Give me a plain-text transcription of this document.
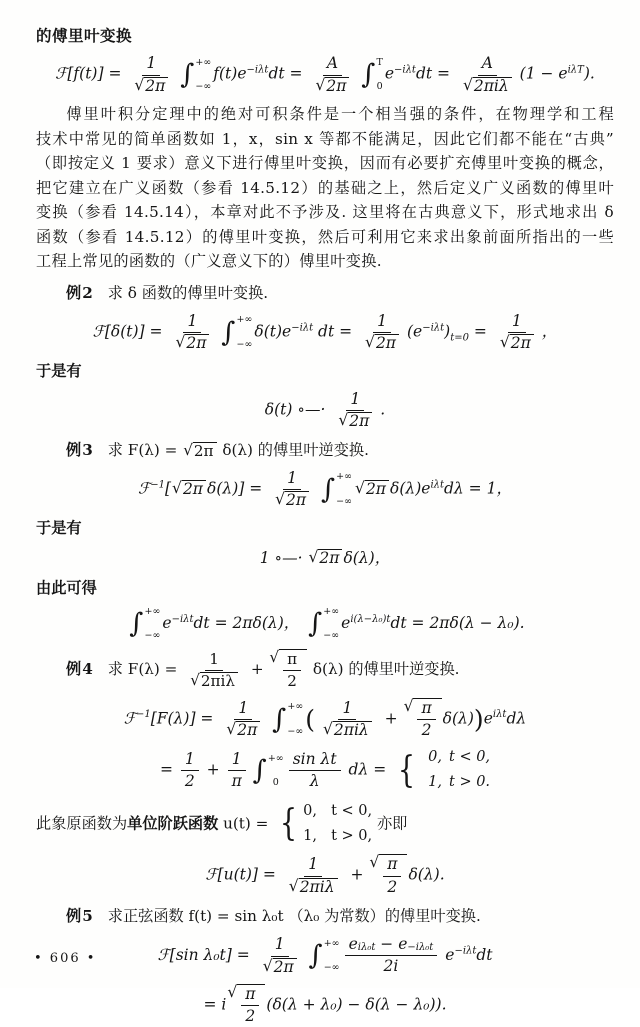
的傅里叶变换
ℱ[f(t)] = $\frac{1}{√ 2\pi}$ ∫ +∞
−∞
$f(t)e^{-i\lambda t}dt = \frac{A}{√ 2\pi}$ ∫ T
0
$e^{-i\lambda t}dt$ =
A
√ 2πiλ
$(1 - e^{i\lambda T})$.
傅里叶积分定理中的绝对可积条件是一个相当强的条件，在物理学和工程
技术中常见的简单函数如 1，x，sin x 等都不能满足，因此它们都不能在“古典”
（即按定义 1 要求）意义下进行傅里叶变换，因而有必要扩充傅里叶变换的概念，
把它建立在广义函数（参看 14.5.12）的基础之上，然后定义广义函数的傅里叶
变换（参看 14.5.14），本章对此不予涉及. 这里将在古典意义下，形式地求出 δ
函数（参看 14.5.12）的傅里叶变换，然后可利用它来求出象前面所指出的一些
工程上常见的函数的（广义意义下的）傅里叶变换.
例2 求 δ 函数的傅里叶变换.
ℱ[δ(t)] = $\frac{1}{√ 2\pi}$ ∫ +∞
−∞
$\delta(t)e^{-i\lambda t}$ dt = $\frac{1}{√ 2\pi} (e^{-i\lambda t})_{t=0} = \frac{1}{√ 2\pi}$ ，
于是有
δ(t) ∘—· $\frac{1}{√ 2\pi}$ .
例3 求 F(λ) = √ 2π δ(λ) 的傅里叶逆变换.
ℱ$^{-1}$[ √ 2π $\delta(\lambda)] = \frac{1}{√ 2\pi}$ ∫ +∞
−∞
√ 2π $\delta(\lambda)e^{i\lambda t}d\lambda = 1$，
于是有
1 ∘—· √ 2π δ(λ)，
由此可得
∫ +∞
−∞
$e^{-i\lambda t}dt = 2\pi\delta(\lambda)$， ∫ +∞
−∞
$e^{i(\lambda-\lambda_0)t}dt = 2\pi\delta(\lambda - \lambda_0)$.
例4 求 F(λ) =
1
√ 2πiλ
+
√ $\frac{\pi}{2} \delta(\lambda)$ 的傅里叶逆变换.
ℱ$^{-1}$[F(λ)] = $\frac{1}{√ 2\pi}$ ∫ +∞
−∞ ( 1
√ 2πiλ
+
√ $\frac{\pi}{2} \delta(\lambda))e^{i\lambda t}d\lambda$
= $\frac{1}{2} + \frac{1}{\pi}$ ∫ +∞
$0 \frac{\text{sin λt}}{\lambda}$ dλ = { 0, t < 0,
1, t > 0.
此象原函数为单位阶跃函数 u(t) = { 0, t < 0,
1, t > 0,
亦即
ℱ[u(t)] =
1
√ 2πiλ
+
√ $\frac{\pi}{2} \delta(\lambda)$.
例5 求正弦函数 f(t) = sin λ₀t （λ₀ 为常数）的傅里叶变换.
ℱ[sin $\lambda_0t] = \frac{1}{√ 2\pi}$ ∫ +∞
−∞
$e_{i\lambda_0t} - e_{-i\lambda_0t}$
2i
$e^{-i\lambda t}dt$
= i
√ $\frac{\pi}{2} (\delta(\lambda + \lambda_0) - \delta(\lambda - \lambda_0))$.
• 606 •
